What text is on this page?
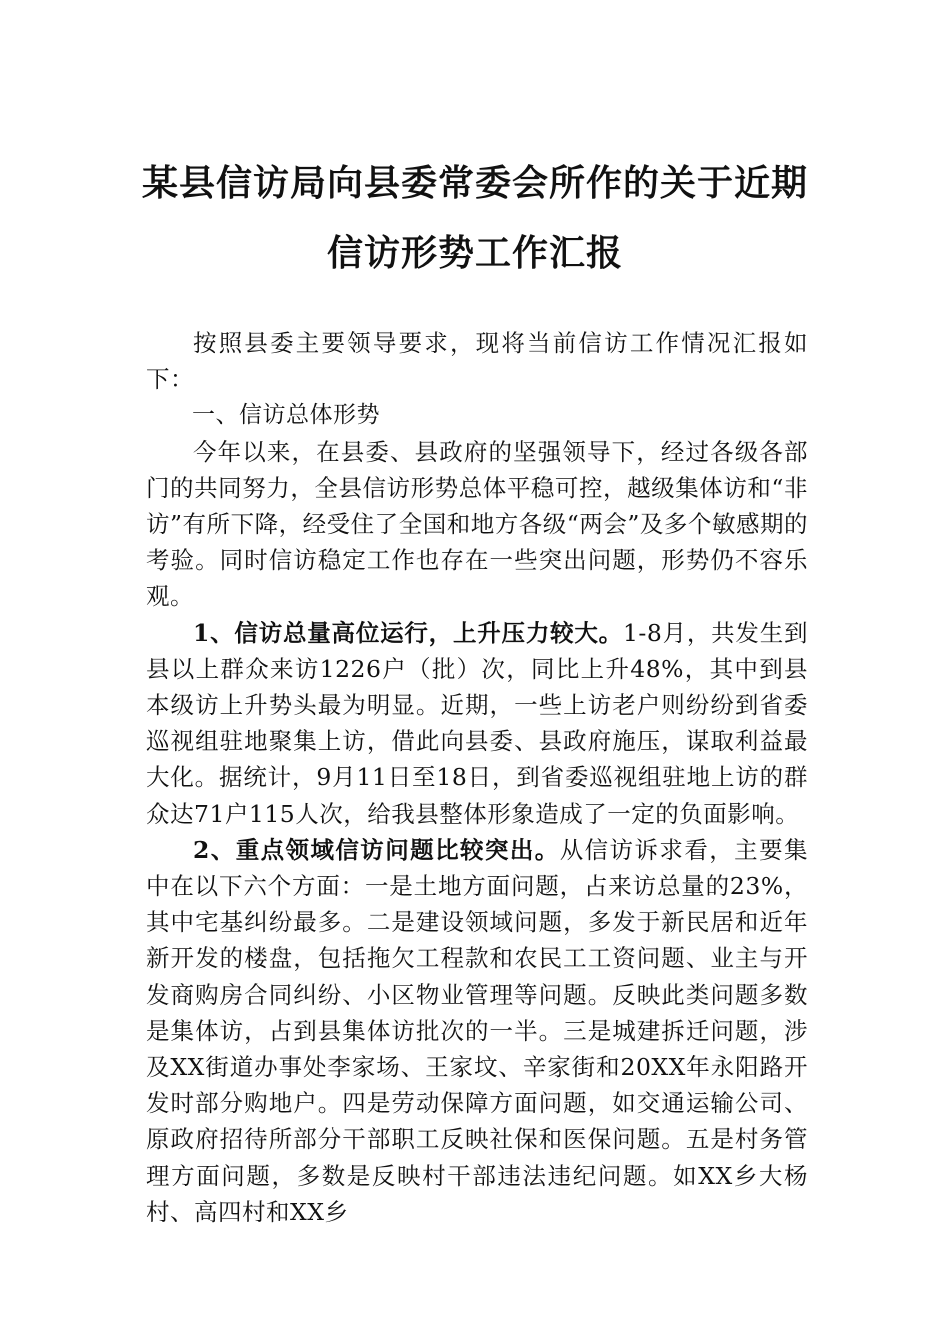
某县信访局向县委常委会所作的关于近期
信访形势工作汇报

按照县委主要领导要求，现将当前信访工作情况汇报如下：

一、信访总体形势

今年以来，在县委、县政府的坚强领导下，经过各级各部门的共同努力，全县信访形势总体平稳可控，越级集体访和“非访”有所下降，经受住了全国和地方各级“两会”及多个敏感期的考验。同时信访稳定工作也存在一些突出问题，形势仍不容乐观。

1、信访总量高位运行，上升压力较大。1-8月，共发生到县以上群众来访1226户（批）次，同比上升48%，其中到县本级访上升势头最为明显。近期，一些上访老户则纷纷到省委巡视组驻地聚集上访，借此向县委、县政府施压，谋取利益最大化。据统计，9月11日至18日，到省委巡视组驻地上访的群众达71户115人次，给我县整体形象造成了一定的负面影响。

2、重点领域信访问题比较突出。从信访诉求看，主要集中在以下六个方面：一是土地方面问题，占来访总量的23%，其中宅基纠纷最多。二是建设领域问题，多发于新民居和近年新开发的楼盘，包括拖欠工程款和农民工工资问题、业主与开发商购房合同纠纷、小区物业管理等问题。反映此类问题多数是集体访，占到县集体访批次的一半。三是城建拆迁问题，涉及XX街道办事处李家场、王家坟、辛家街和20XX年永阳路开发时部分购地户。四是劳动保障方面问题，如交通运输公司、原政府招待所部分干部职工反映社保和医保问题。五是村务管理方面问题，多数是反映村干部违法违纪问题。如XX乡大杨村、高四村和XX乡
